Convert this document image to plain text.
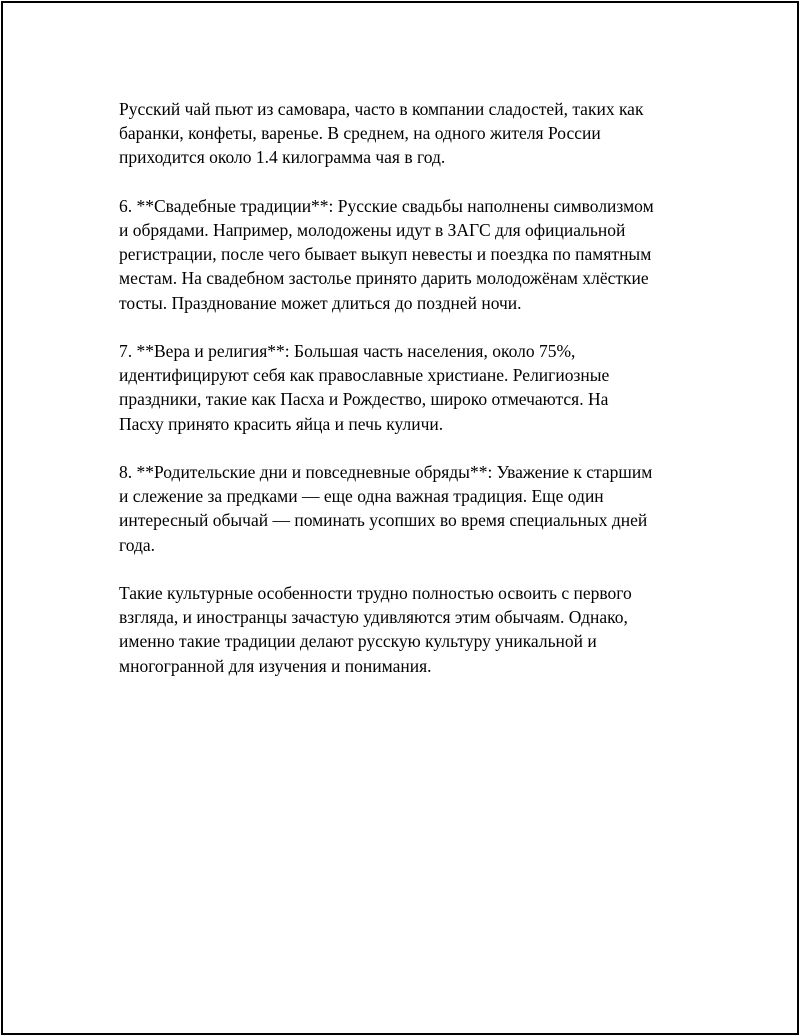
Русский чай пьют из самовара, часто в компании сладостей, таких как
баранки, конфеты, варенье. В среднем, на одного жителя России
приходится около 1.4 килограмма чая в год.

6. **Свадебные традиции**: Русские свадьбы наполнены символизмом
и обрядами. Например, молодожены идут в ЗАГС для официальной
регистрации, после чего бывает выкуп невесты и поездка по памятным
местам. На свадебном застолье принято дарить молодожёнам хлёсткие
тосты. Празднование может длиться до поздней ночи.

7. **Вера и религия**: Большая часть населения, около 75%,
идентифицируют себя как православные христиане. Религиозные
праздники, такие как Пасха и Рождество, широко отмечаются. На
Пасху принято красить яйца и печь куличи.

8. **Родительские дни и повседневные обряды**: Уважение к старшим
и слежение за предками — еще одна важная традиция. Еще один
интересный обычай — поминать усопших во время специальных дней
года.

Такие культурные особенности трудно полностью освоить с первого
взгляда, и иностранцы зачастую удивляются этим обычаям. Однако,
именно такие традиции делают русскую культуру уникальной и
многогранной для изучения и понимания.
